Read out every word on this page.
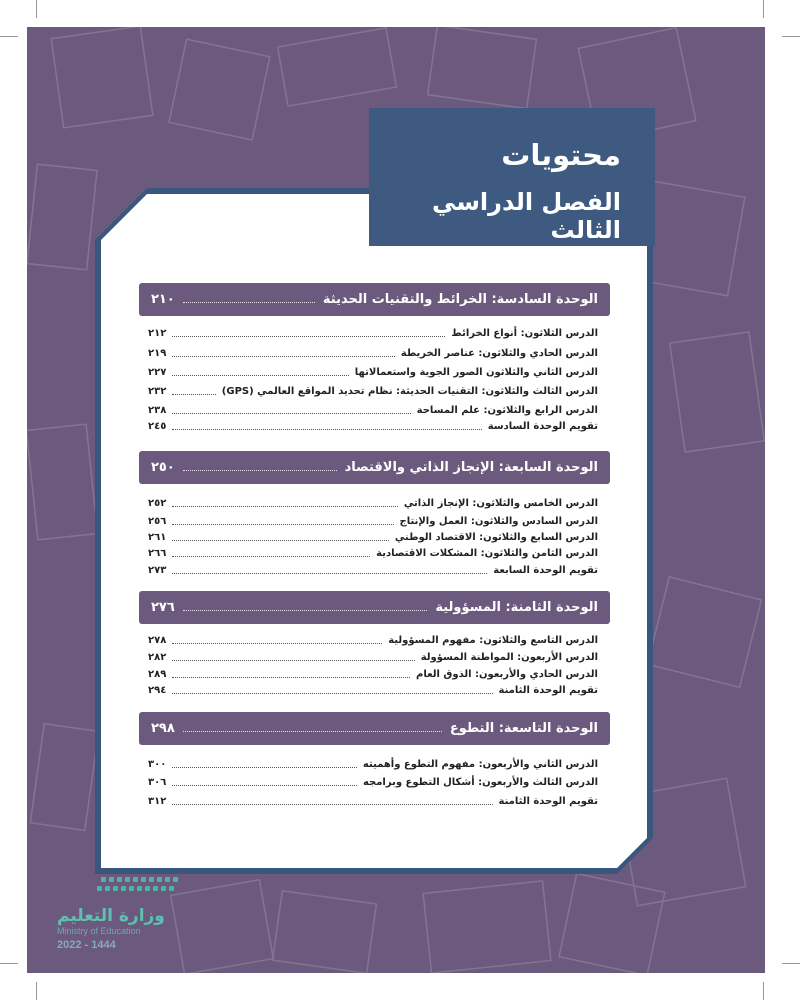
محتويات
الفصل الدراسي الثالث
الوحدة السادسة: الخرائط والتقنيات الحديثة
٢١٠
الدرس الثلاثون: أنواع الخرائط
٢١٢
الدرس الحادي والثلاثون: عناصر الخريطة
٢١٩
الدرس الثاني والثلاثون الصور الجوية واستعمالاتها
٢٢٧
الدرس الثالث والثلاثون: التقنيات الحديثة: نظام تحديد المواقع العالمي (GPS)
٢٣٢
الدرس الرابع والثلاثون: علم المساحة
٢٣٨
تقويم الوحدة السادسة
٢٤٥
الوحدة السابعة: الإنجاز الذاتي والاقتصاد
٢٥٠
الدرس الخامس والثلاثون: الإنجاز الذاتي
٢٥٢
الدرس السادس والثلاثون: العمل والإنتاج
٢٥٦
الدرس السابع والثلاثون: الاقتصاد الوطني
٢٦١
الدرس الثامن والثلاثون: المشكلات الاقتصادية
٢٦٦
تقويم الوحدة السابعة
٢٧٣
الوحدة الثامنة: المسؤولية
٢٧٦
الدرس التاسع والثلاثون: مفهوم المسؤولية
٢٧٨
الدرس الأربعون: المواطنة المسؤولة
٢٨٢
الدرس الحادي والأربعون: الذوق العام
٢٨٩
تقويم الوحدة الثامنة
٢٩٤
الوحدة التاسعة: التطوع
٢٩٨
الدرس الثاني والأربعون: مفهوم التطوع وأهميته
٣٠٠
الدرس الثالث والأربعون: أشكال التطوع وبرامجه
٣٠٦
تقويم الوحدة الثامنة
٣١٢
وزارة التعليم
Ministry of Education
2022 - 1444
